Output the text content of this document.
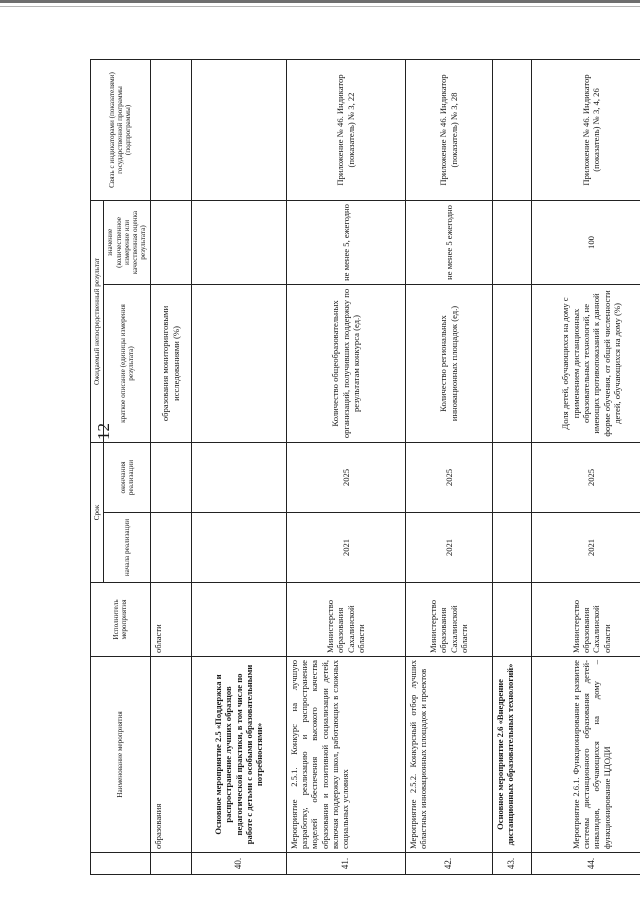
	Наименование мероприятия	Исполнитель мероприятия	Срок		Ожидаемый непосредственный результат		Связь с индикаторами (показателями) государственной программы (подпрограммы)
			начала реализации	окончания реализации	краткое описание (единицы измерения результата)	значение (количественное измерение или качественная оценка результата)	
	образования	области			образования мониторинговыми исследованиями (%)		
40.	Основное мероприятие 2.5 «Поддержка и распространение лучших образцов педагогической практики, в том числе по работе с детьми с особыми образовательными потребностями»						
41.	Мероприятие 2.5.1. Конкурс на лучшую разработку, реализацию и распространение моделей обеспечения высокого качества образования и позитивной социализации детей, включая поддержку школ, работающих в сложных социальных условиях	Министерство образования Сахалинской области	2021	2025	Количество общеобразовательных организаций, получивших поддержку по результатам конкурса (ед.)	не менее 5, ежегодно	Приложение № 46. Индикатор (показатель) № 3, 22
42.	Мероприятие 2.5.2. Конкурсный отбор лучших областных инновационных площадок и проектов	Министерство образования Сахалинской области	2021	2025	Количество региональных инновационных площадок (ед.)	не менее 5 ежегодно	Приложение № 46. Индикатор (показатель) № 3, 28
43.	Основное мероприятие 2.6 «Внедрение дистанционных образовательных технологий»						
44.	Мероприятие 2.6.1. Функционирование и развитие системы дистанционного образования детей-инвалидов, обучающихся на дому – функционирование ЦДОДИ	Министерство образования Сахалинской области	2021	2025	Доля детей, обучающихся на дому с применением дистанционных образовательных технологий, не имеющих противопоказаний к данной форме обучения, от общей численности детей, обучающихся на дому (%)	100	Приложение № 46. Индикатор (показатель) № 3, 4, 26
12
